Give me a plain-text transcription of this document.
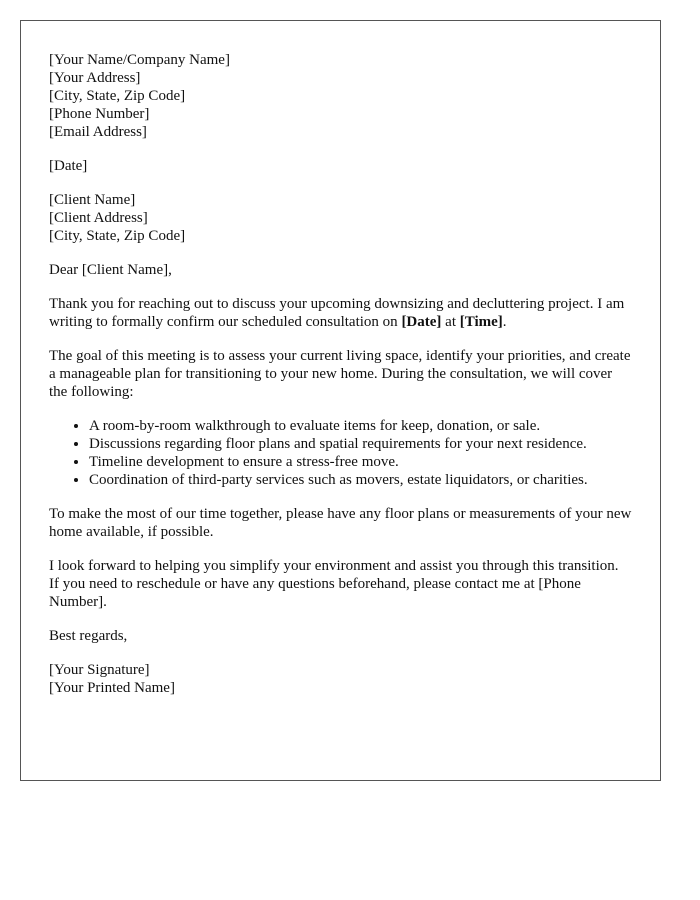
[Your Name/Company Name]
[Your Address]
[City, State, Zip Code]
[Phone Number]
[Email Address]
[Date]
[Client Name]
[Client Address]
[City, State, Zip Code]

Dear [Client Name],

Thank you for reaching out to discuss your upcoming downsizing and decluttering project. I am writing to formally confirm our scheduled consultation on [Date] at [Time].

The goal of this meeting is to assess your current living space, identify your priorities, and create a manageable plan for transitioning to your new home. During the consultation, we will cover the following:

• A room-by-room walkthrough to evaluate items for keep, donation, or sale.
• Discussions regarding floor plans and spatial requirements for your next residence.
• Timeline development to ensure a stress-free move.
• Coordination of third-party services such as movers, estate liquidators, or charities.

To make the most of our time together, please have any floor plans or measurements of your new home available, if possible.

I look forward to helping you simplify your environment and assist you through this transition. If you need to reschedule or have any questions beforehand, please contact me at [Phone Number].

Best regards,

[Your Signature]
[Your Printed Name]
